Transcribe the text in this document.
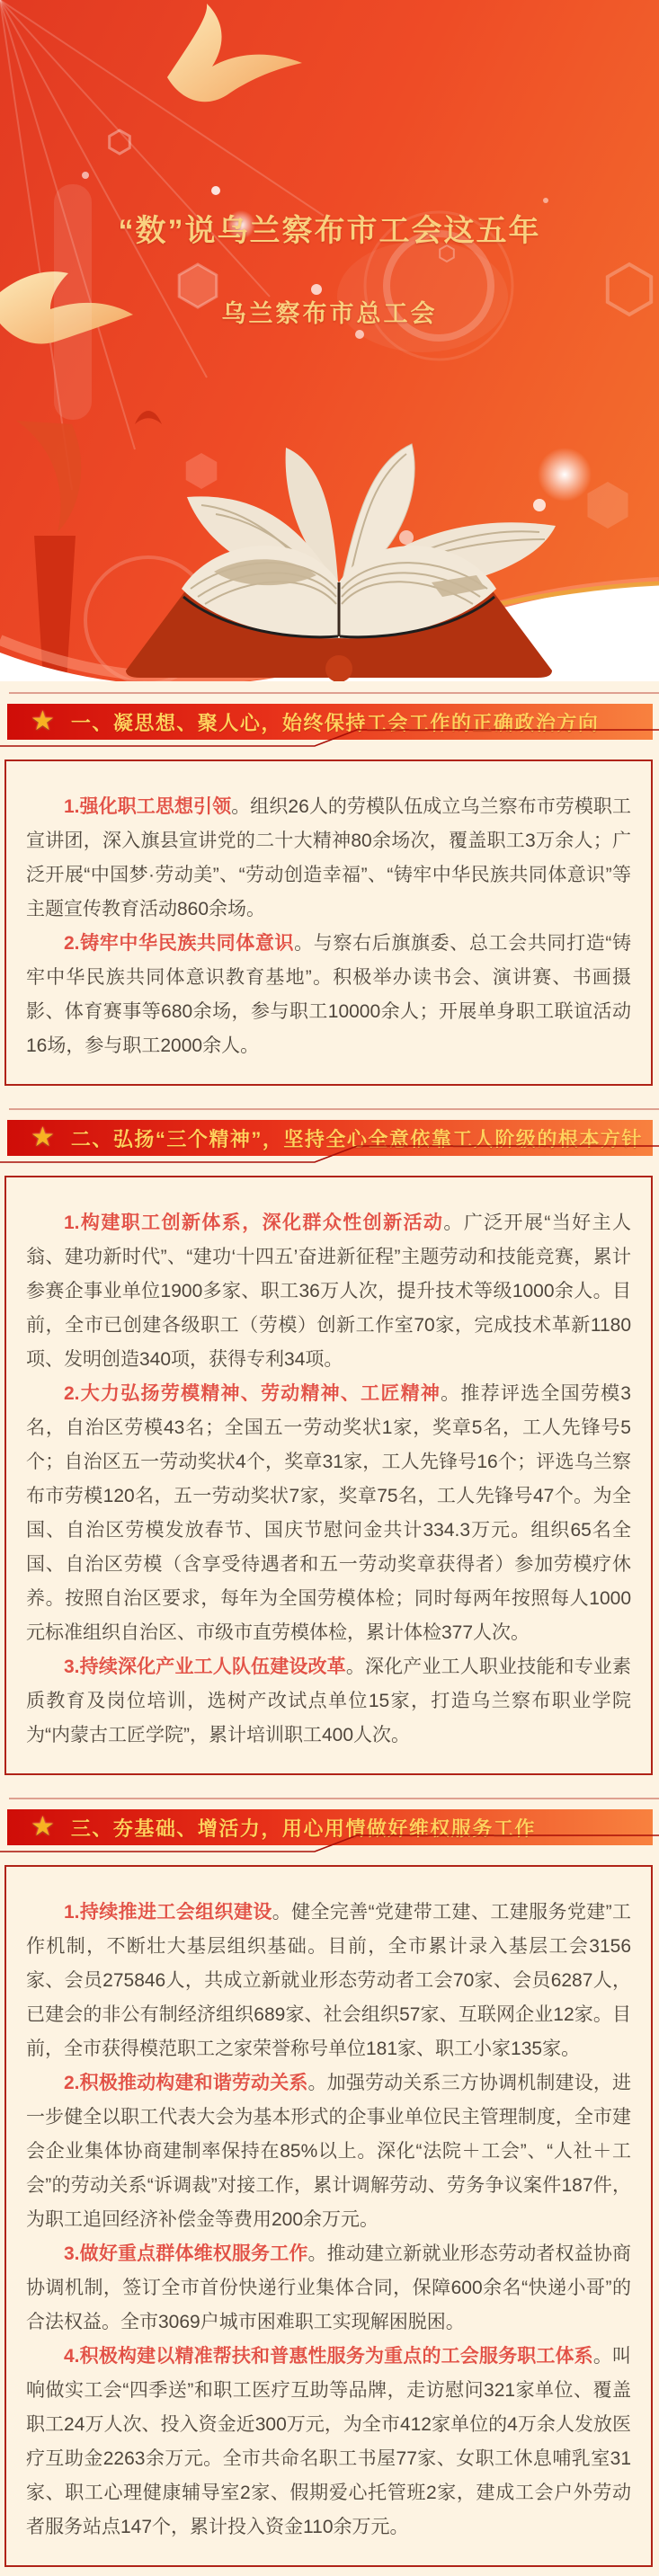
“数”说乌兰察布市工会这五年
乌兰察布市总工会
★ 一、凝思想、聚人心，始终保持工会工作的正确政治方向

1.强化职工思想引领。组织26人的劳模队伍成立乌兰察布市劳模职工宣讲团，深入旗县宣讲党的二十大精神80余场次，覆盖职工3万余人；广泛开展“中国梦·劳动美”、“劳动创造幸福”、“铸牢中华民族共同体意识”等主题宣传教育活动860余场。

2.铸牢中华民族共同体意识。与察右后旗旗委、总工会共同打造“铸牢中华民族共同体意识教育基地”。积极举办读书会、演讲赛、书画摄影、体育赛事等680余场，参与职工10000余人；开展单身职工联谊活动16场，参与职工2000余人。

★ 二、弘扬“三个精神”，坚持全心全意依靠工人阶级的根本方针

1.构建职工创新体系，深化群众性创新活动。广泛开展“当好主人翁、建功新时代”、“建功‘十四五’奋进新征程”主题劳动和技能竞赛，累计参赛企事业单位1900多家、职工36万人次，提升技术等级1000余人。目前，全市已创建各级职工（劳模）创新工作室70家，完成技术革新1180项、发明创造340项，获得专利34项。

2.大力弘扬劳模精神、劳动精神、工匠精神。推荐评选全国劳模3名，自治区劳模43名；全国五一劳动奖状1家，奖章5名，工人先锋号5个；自治区五一劳动奖状4个，奖章31家，工人先锋号16个；评选乌兰察布市劳模120名，五一劳动奖状7家，奖章75名，工人先锋号47个。为全国、自治区劳模发放春节、国庆节慰问金共计334.3万元。组织65名全国、自治区劳模（含享受待遇者和五一劳动奖章获得者）参加劳模疗休养。按照自治区要求，每年为全国劳模体检；同时每两年按照每人1000元标准组织自治区、市级市直劳模体检，累计体检377人次。

3.持续深化产业工人队伍建设改革。深化产业工人职业技能和专业素质教育及岗位培训，选树产改试点单位15家，打造乌兰察布职业学院为“内蒙古工匠学院”，累计培训职工400人次。

★ 三、夯基础、增活力，用心用情做好维权服务工作

1.持续推进工会组织建设。健全完善“党建带工建、工建服务党建”工作机制，不断壮大基层组织基础。目前，全市累计录入基层工会3156家、会员275846人，共成立新就业形态劳动者工会70家、会员6287人，已建会的非公有制经济组织689家、社会组织57家、互联网企业12家。目前，全市获得模范职工之家荣誉称号单位181家、职工小家135家。

2.积极推动构建和谐劳动关系。加强劳动关系三方协调机制建设，进一步健全以职工代表大会为基本形式的企事业单位民主管理制度，全市建会企业集体协商建制率保持在85%以上。深化“法院＋工会”、“人社＋工会”的劳动关系“诉调裁”对接工作，累计调解劳动、劳务争议案件187件，为职工追回经济补偿金等费用200余万元。

3.做好重点群体维权服务工作。推动建立新就业形态劳动者权益协商协调机制，签订全市首份快递行业集体合同，保障600余名“快递小哥”的合法权益。全市3069户城市困难职工实现解困脱困。

4.积极构建以精准帮扶和普惠性服务为重点的工会服务职工体系。叫响做实工会“四季送”和职工医疗互助等品牌，走访慰问321家单位、覆盖职工24万人次、投入资金近300万元，为全市412家单位的4万余人发放医疗互助金2263余万元。全市共命名职工书屋77家、女职工休息哺乳室31家、职工心理健康辅导室2家、假期爱心托管班2家，建成工会户外劳动者服务站点147个，累计投入资金110余万元。
